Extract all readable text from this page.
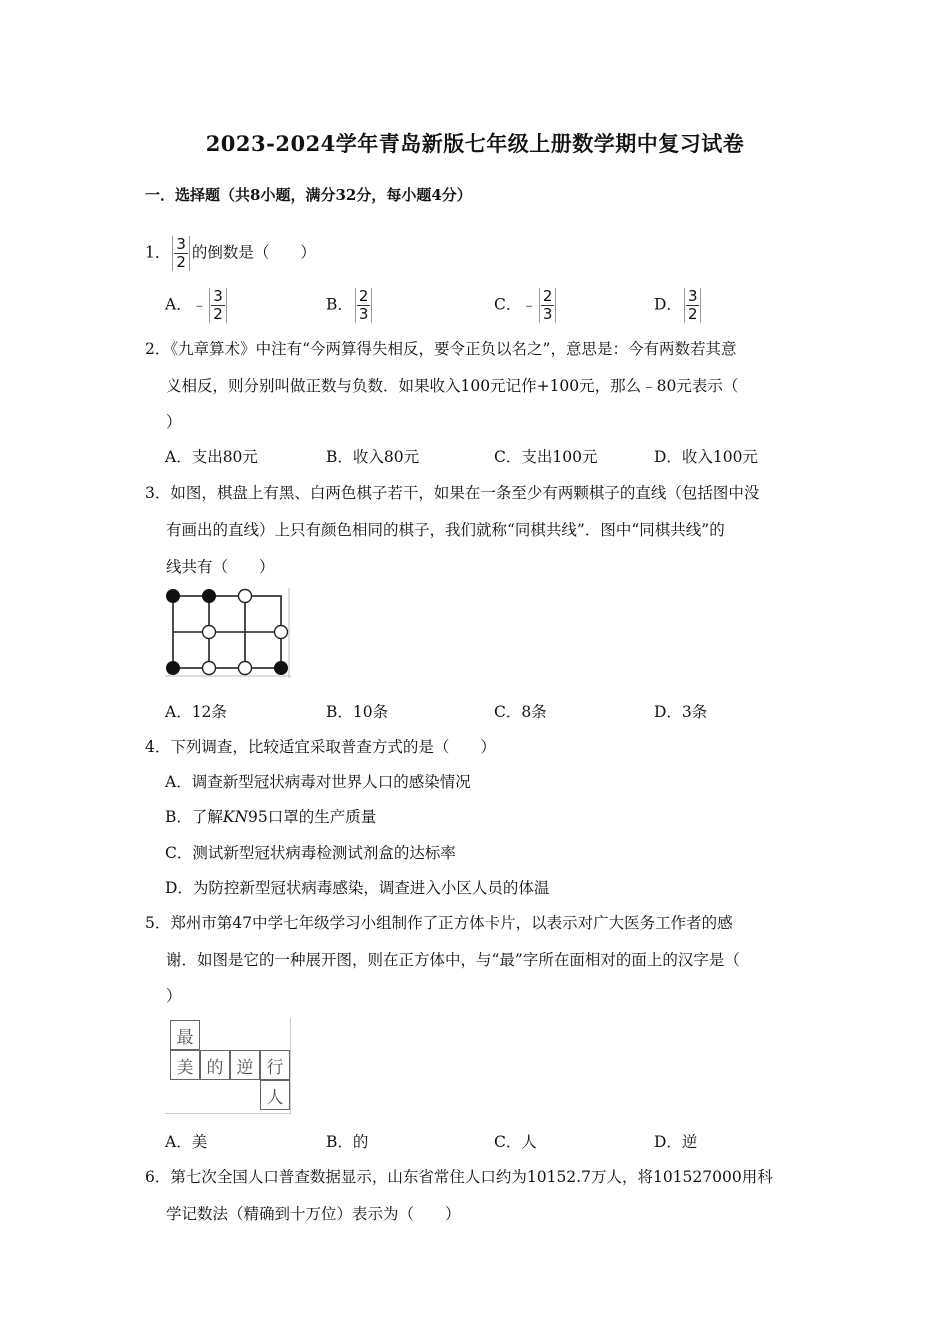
2023-2024学年青岛新版七年级上册数学期中复习试卷
一．选择题（共8小题，满分32分，每小题4分）
1． $\frac{3}{2}$ 的倒数是（　　）
A．﹣ $\frac{3}{2}$	B． $\frac{2}{3}$	C．﹣ $\frac{2}{3}$	D． $\frac{3}{2}$
2．《九章算术》中注有“今两算得失相反，要令正负以名之”，意思是：今有两数若其意
义相反，则分别叫做正数与负数．如果收入100元记作+100元，那么﹣80元表示（
）
A．支出80元	B．收入80元	C．支出100元	D．收入100元
3．如图，棋盘上有黑、白两色棋子若干，如果在一条至少有两颗棋子的直线（包括图中没
有画出的直线）上只有颜色相同的棋子，我们就称“同棋共线”．图中“同棋共线”的
线共有（　　）
A．12条	B．10条	C．8条	D．3条
4．下列调查，比较适宜采取普查方式的是（　　）
A．调查新型冠状病毒对世界人口的感染情况
B．了解KN95口罩的生产质量
C．测试新型冠状病毒检测试剂盒的达标率
D．为防控新型冠状病毒感染，调查进入小区人员的体温
5．郑州市第47中学七年级学习小组制作了正方体卡片，以表示对广大医务工作者的感
谢．如图是它的一种展开图，则在正方体中，与“最”字所在面相对的面上的汉字是（
）
最
美 的 逆 行
人
A．美	B．的	C．人	D．逆
6．第七次全国人口普查数据显示，山东省常住人口约为10152.7万人，将101527000用科
学记数法（精确到十万位）表示为（　　）
